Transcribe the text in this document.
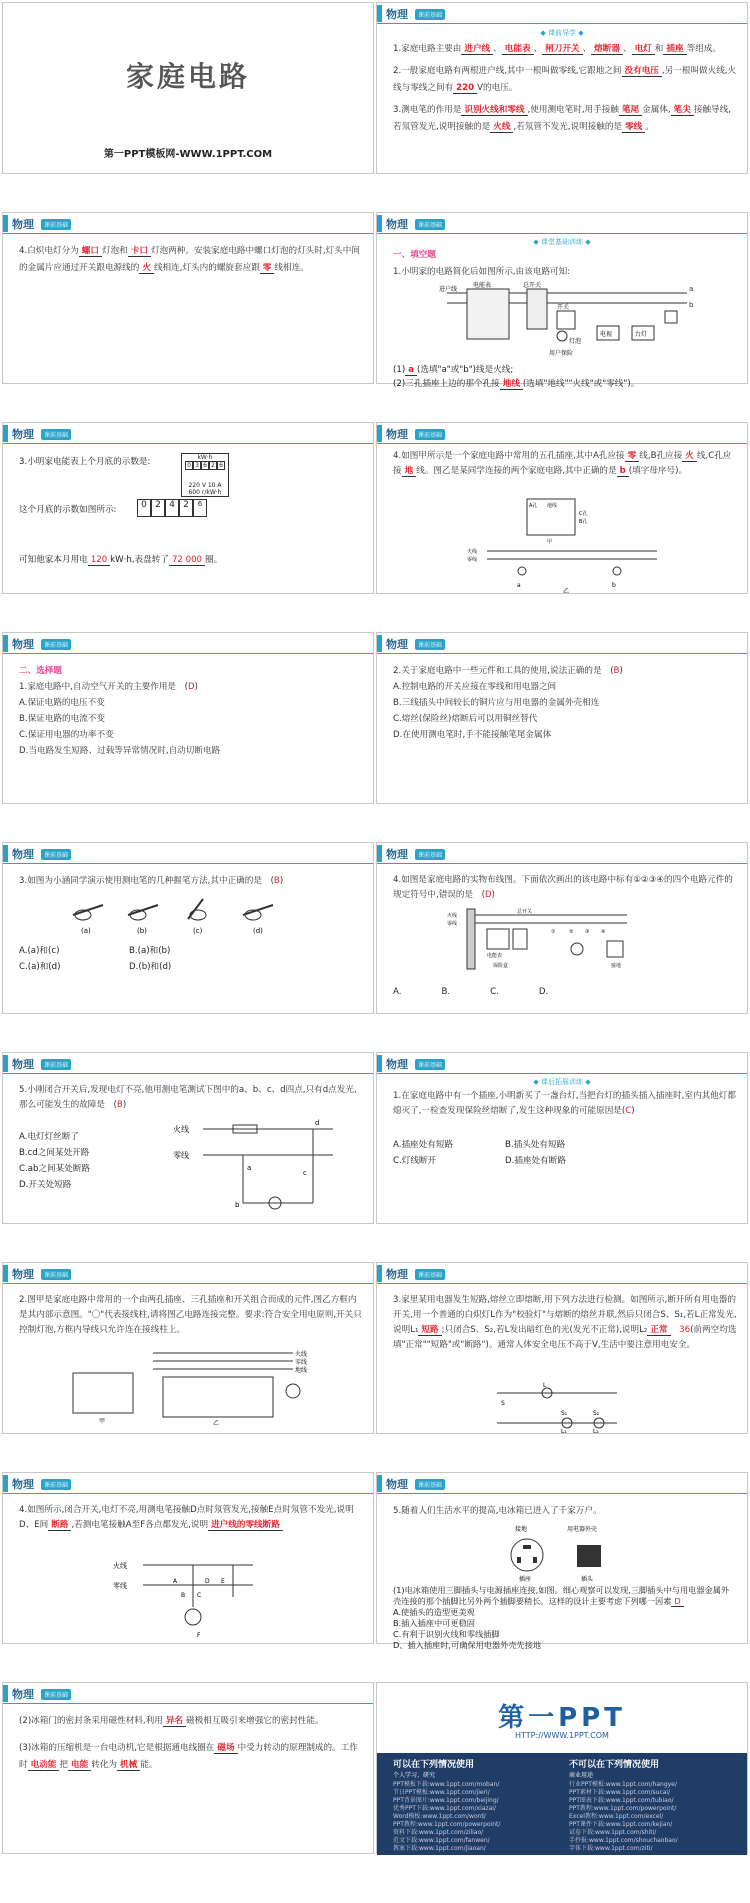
家庭电路
第一PPT模板网-WWW.1PPT.COM
物理	课前基础
◆ 课前导学 ◆
1.家庭电路主要由 进户线 、 电能表 、 闸刀开关 、 熔断器 、 电灯 和 插座 等组成。
2.一般家庭电路有两根进户线,其中一根叫做零线,它跟地之间 没有电压 ,另一根叫做火线,火线与零线之间有 220 V的电压。
3.测电笔的作用是 识别火线和零线 ,使用测电笔时,用手接触 笔尾 金属体, 笔尖 接触导线,若氖管发光,说明接触的是 火线 ,若氖管不发光,说明接触的是 零线 。
物理	课前基础
4.白炽电灯分为 螺口 灯泡和 卡口 灯泡两种。安装家庭电路中螺口灯泡的灯头时,灯头中间的金属片应通过开关跟电源线的 火 线相连,灯头内的螺旋套应跟 零 线相连。
物理	课前基础
◆ 课堂基础训练 ◆
一、填空题
1.小明家的电路简化后如图所示,由该电路可知:
进户线
电能表	总开关	a
b
开关
灯泡
用户保险
电视	台灯
(1) a (选填"a"或"b")线是火线;
(2)三孔插座上边的那个孔接 地线 (选填"地线""火线"或"零线")。
物理	课前基础
3.小明家电能表上个月底的示数是:	kW·h
0 3 6 2 6
220 V 10 A
600 r/kW·h
这个月底的示数如图所示:	0 2 4 2	6
可知他家本月用电 120 kW·h,表盘转了 72 000 圈。
物理	课前基础
4.如图甲所示是一个家庭电路中常用的五孔插座,其中A孔应接 零 线,B孔应接 火 线,C孔应接 地 线。图乙是某同学连接的两个家庭电路,其中正确的是 b (填字母序号)。
A孔 地线
C孔
B孔
甲
火线
零线
a	b
乙
物理	课前基础
二、选择题
1.家庭电路中,自动空气开关的主要作用是　(D)
A.保证电路的电压不变
B.保证电路的电流不变
C.保证用电器的功率不变
D.当电路发生短路、过载等异常情况时,自动切断电路
物理	课前基础
2.关于家庭电路中一些元件和工具的使用,说法正确的是　(B)
A.控制电路的开关应接在零线和用电器之间
B.三线插头中间较长的铜片应与用电器的金属外壳相连
C.熔丝(保险丝)熔断后可以用铜丝替代
D.在使用测电笔时,手不能接触笔尾金属体
物理	课前基础
3.如图为小涵同学演示使用测电笔的几种握笔方法,其中正确的是　(B)
(a)	(b)	(c)	(d)
A.(a)和(c)	B.(a)和(b)
C.(a)和(d)	D.(b)和(d)
物理	课前基础
4.如图是家庭电路的实物布线图。下面依次画出的该电路中标有①②③④的四个电路元件的规定符号中,错误的是　(D)
火线
零线
总开关
电能表
保险盒
①	② ③ ④
接地
A.	B.	C.	D.
物理	课前基础
5.小刚闭合开关后,发现电灯不亮,他用测电笔测试下图中的a、b、c、d四点,只有d点发光,那么可能发生的故障是　(B)
A.电灯灯丝断了
B.cd之间某处开路
C.ab之间某处断路
D.开关处短路
火线
零线
a
b
c
d
物理	课前基础
◆ 课后拓展训练 ◆
1.在家庭电路中有一个插座,小明新买了一盏台灯,当把台灯的插头插入插座时,室内其他灯都熄灭了,一检查发现保险丝熔断了,发生这种现象的可能原因是(C)
A.插座处有短路	B.插头处有短路
C.灯线断开	D.插座处有断路
物理	课前基础
2.图甲是家庭电路中常用的一个由两孔插座、三孔插座和开关组合而成的元件,图乙方框内是其内部示意图。"〇"代表接线柱,请将图乙电路连接完整。要求:符合安全用电原则,开关只控制灯泡,方框内导线只允许连在接线柱上。
火线
零线
地线
甲	乙
物理	课前基础
3.家里某用电器发生短路,熔丝立即熔断,用下列方法进行检测。如图所示,断开所有用电器的开关,用一个普通的白炽灯L作为"校验灯"与熔断的熔丝并联,然后只闭合S、S₁,若L正常发光,说明L₁ 短路 ;只闭合S、S₂,若L发出暗红色的光(发光不正常),说明L₂ 正常　 36(前两空均选填"正常""短路"或"断路")。通常人体安全电压不高于V,生活中要注意用电安全。
L
S
S₁	S₂
L₁	L₂
物理	课前基础
4.如图所示,闭合开关,电灯不亮,用测电笔接触D点时氖管发光,接触E点时氖管不发光,说明D、E间 断路 ,若测电笔接触A至F各点都发光,说明 进户线的零线断路
火线
零线
A
B C
D E
F
物理	课前基础
5.随着人们生活水平的提高,电冰箱已进入了千家万户。
接地	用电器外壳
插座	插头
(1)电冰箱使用三脚插头与电源插座连接,如图。细心观察可以发现,三脚插头中与用电器金属外壳连接的那个插脚比另外两个插脚要稍长。这样的设计主要考虑下列哪一因素 D
A.使插头的造型更美观
B.插入插座中可更稳固
C.有利于识别火线和零线插脚
D、插入插座时,可确保用电器外壳先接地
物理	课前基础
(2)冰箱门的密封条采用磁性材料,利用 异名 磁极相互吸引来增强它的密封性能。
(3)冰箱的压缩机是一台电动机,它是根据通电线圈在 磁场 中受力转动的原理制成的。工作时 电动能 把 电能 转化为 机械 能。
第一PPT
HTTP://WWW.1PPT.COM
可以在下列情况使用
个人学习、研究
不可以在下列情况使用
商业用途
PPT模板下载:www.1ppt.com/moban/
节日PPT模板:www.1ppt.com/jieri/
PPT背景图片:www.1ppt.com/beijing/
优秀PPT下载:www.1ppt.com/xiazai/
Word模板:www.1ppt.com/word/
PPT教程:www.1ppt.com/powerpoint/
资料下载:www.1ppt.com/ziliao/
范文下载:www.1ppt.com/fanwen/
教案下载:www.1ppt.com/jiaoan/
行业PPT模板:www.1ppt.com/hangye/
PPT素材下载:www.1ppt.com/sucai/
PPT图表下载:www.1ppt.com/tubiao/
PPT教程:www.1ppt.com/powerpoint/
Excel教程:www.1ppt.com/excel/
PPT课件下载:www.1ppt.com/kejian/
试卷下载:www.1ppt.com/shiti/
手抄报:www.1ppt.com/shouchaobao/
字体下载:www.1ppt.com/ziti/
